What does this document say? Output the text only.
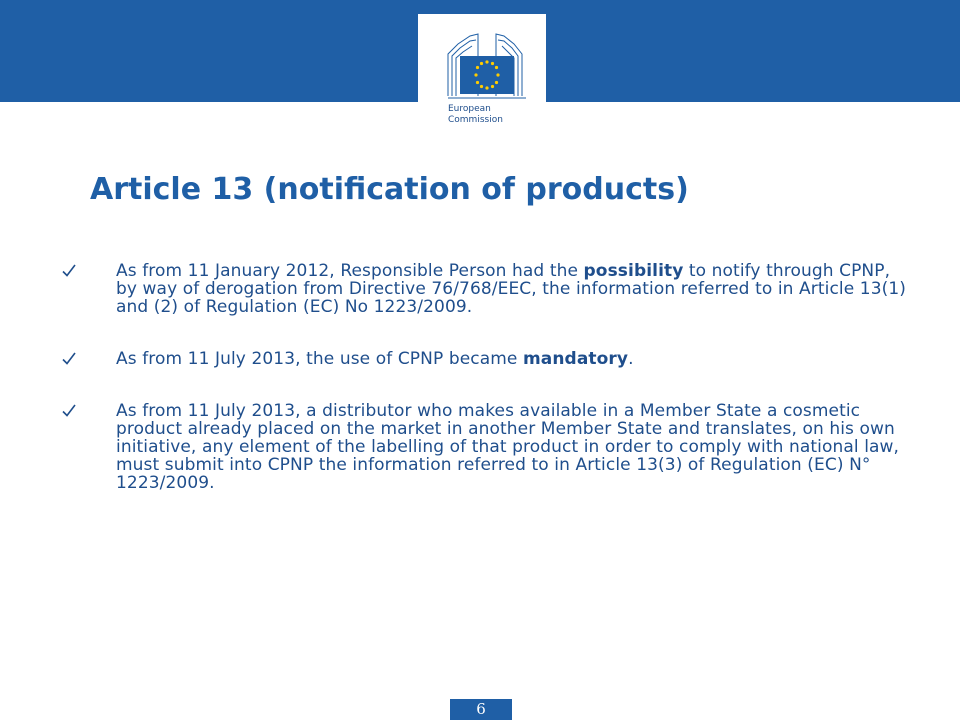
European
Commission
Article 13 (notification of products)
As from 11 January 2012, Responsible Person had the possibility to notify through CPNP, by way of derogation from Directive 76/768/EEC, the information referred to in Article 13(1) and (2) of Regulation (EC) No 1223/2009.
As from 11 July 2013, the use of CPNP became mandatory.
As from 11 July 2013, a distributor who makes available in a Member State a cosmetic product already placed on the market in another Member State and translates, on his own initiative, any element of the labelling of that product in order to comply with national law, must submit into CPNP the information referred to in Article 13(3) of Regulation (EC) N° 1223/2009.
6
